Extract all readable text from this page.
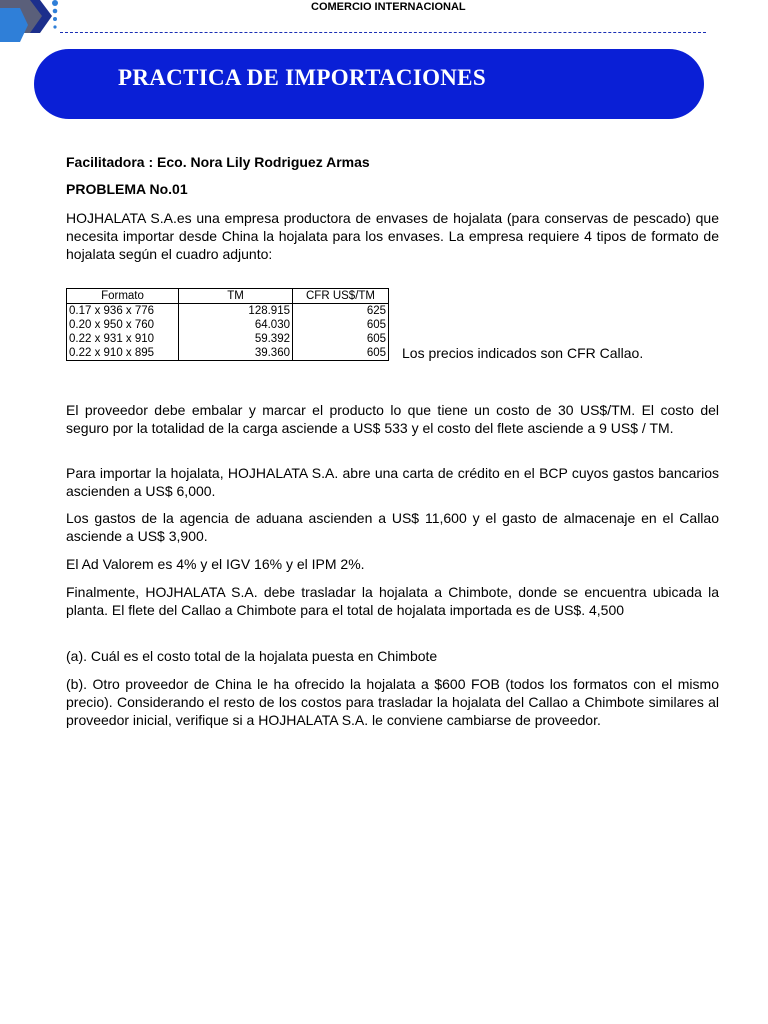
COMERCIO INTERNACIONAL
PRACTICA DE IMPORTACIONES
Facilitadora : Eco. Nora Lily Rodriguez Armas
PROBLEMA No.01

HOJHALATA S.A.es una empresa productora de envases de hojalata (para conservas de pescado) que necesita importar desde China la hojalata para los envases. La empresa requiere 4 tipos de formato de hojalata según el cuadro adjunto:

Formato	TM	CFR US$/TM
0.17 x 936 x 776	128.915	625
0.20 x 950 x 760	64.030	605
0.22 x 931 x 910	59.392	605
0.22 x 910 x 895	39.360	605 Los precios indicados son CFR Callao.

El proveedor debe embalar y marcar el producto lo que tiene un costo de 30 US$/TM. El costo del seguro por la totalidad de la carga asciende a US$ 533 y el costo del flete asciende a 9 US$ / TM.

Para importar la hojalata, HOJHALATA S.A. abre una carta de crédito en el BCP cuyos gastos bancarios ascienden a US$ 6,000.

Los gastos de la agencia de aduana ascienden a US$ 11,600 y el gasto de almacenaje en el Callao asciende a US$ 3,900.

El Ad Valorem es 4% y el IGV 16% y el IPM 2%.

Finalmente, HOJHALATA S.A. debe trasladar la hojalata a Chimbote, donde se encuentra ubicada la planta. El flete del Callao a Chimbote para el total de hojalata importada es de US$. 4,500

(a). Cuál es el costo total de la hojalata puesta en Chimbote

(b). Otro proveedor de China le ha ofrecido la hojalata a $600 FOB (todos los formatos con el mismo precio). Considerando el resto de los costos para trasladar la hojalata del Callao a Chimbote similares al proveedor inicial, verifique si a HOJHALATA S.A. le conviene cambiarse de proveedor.
